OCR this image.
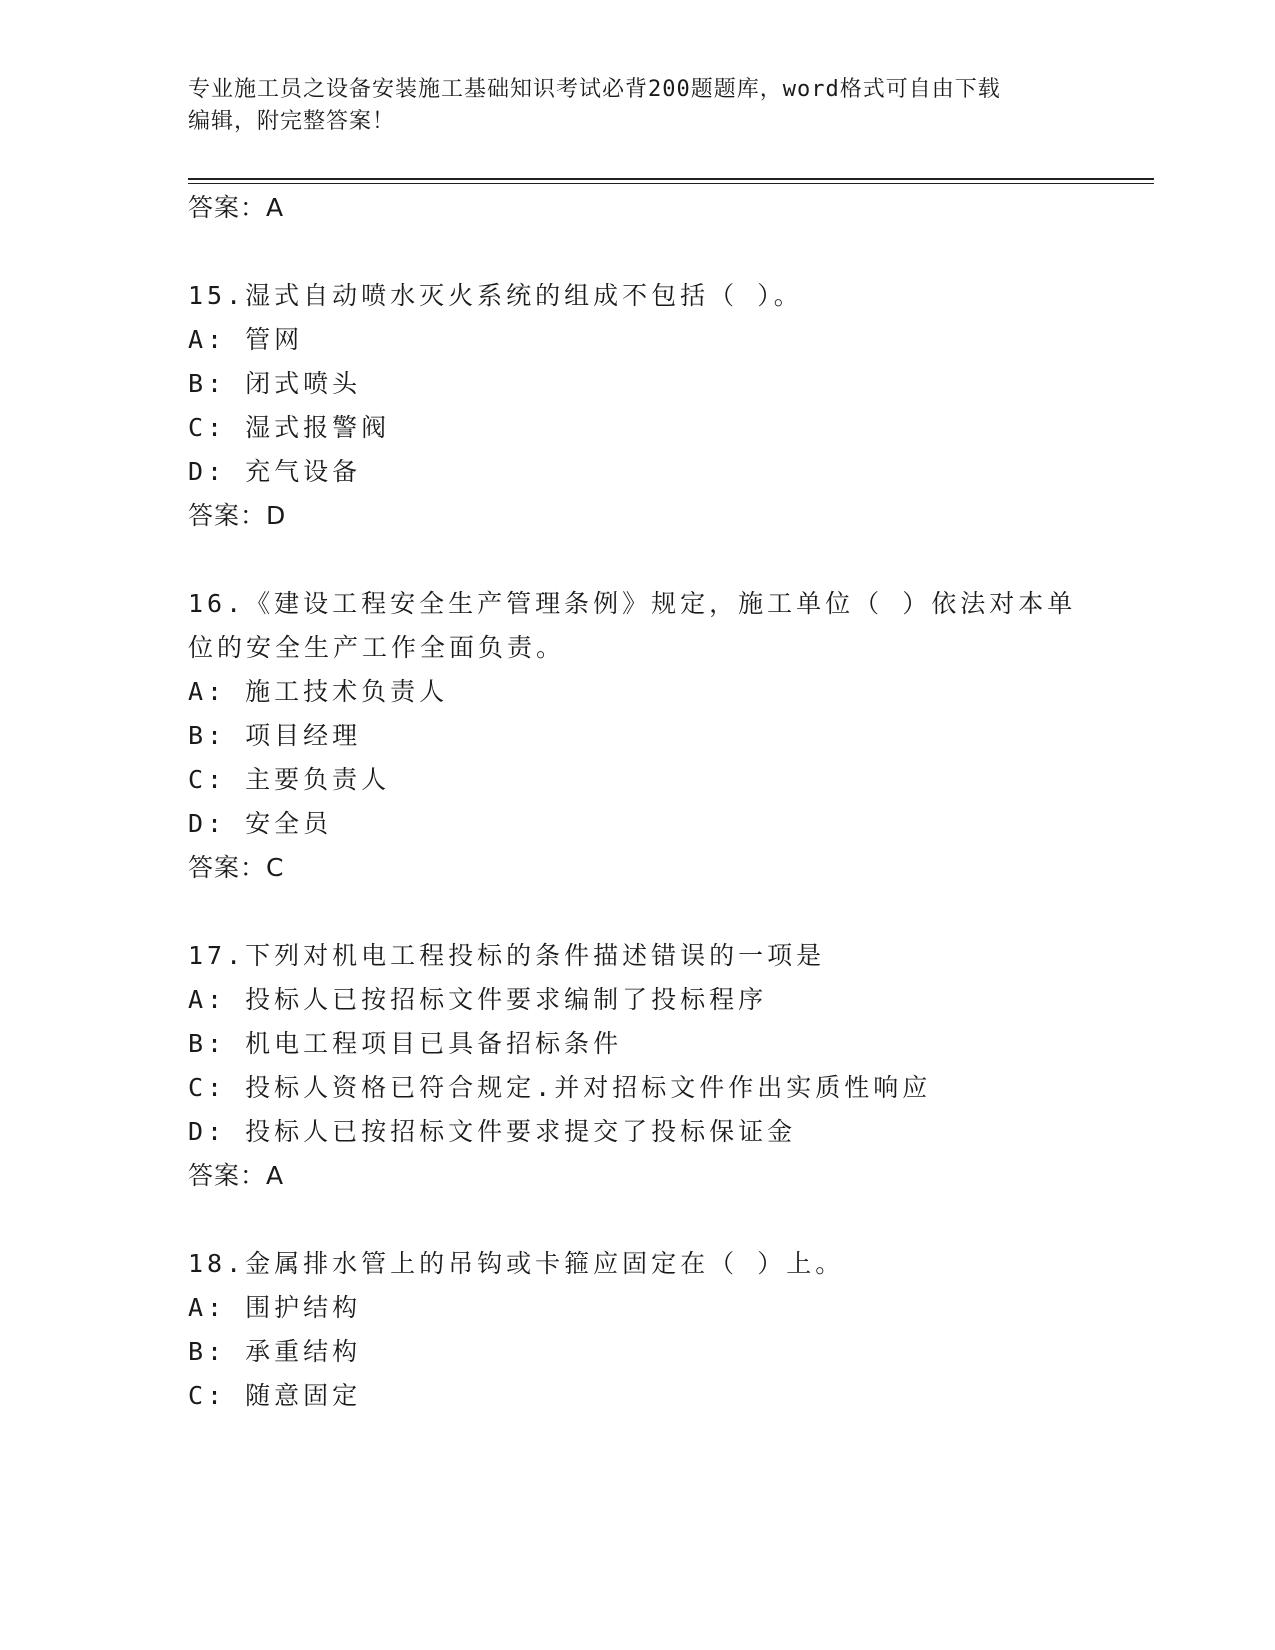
专业施工员之设备安装施工基础知识考试必背200题题库，word格式可自由下载
编辑，附完整答案！
答案：A
15.湿式自动喷水灭火系统的组成不包括（ ）。
A: 管网
B: 闭式喷头
C: 湿式报警阀
D: 充气设备
答案：D
16.《建设工程安全生产管理条例》规定，施工单位（ ）依法对本单
位的安全生产工作全面负责。
A: 施工技术负责人
B: 项目经理
C: 主要负责人
D: 安全员
答案：C
17.下列对机电工程投标的条件描述错误的一项是
A: 投标人已按招标文件要求编制了投标程序
B: 机电工程项目已具备招标条件
C: 投标人资格已符合规定.并对招标文件作出实质性响应
D: 投标人已按招标文件要求提交了投标保证金
答案：A
18.金属排水管上的吊钩或卡箍应固定在（ ）上。
A: 围护结构
B: 承重结构
C: 随意固定
